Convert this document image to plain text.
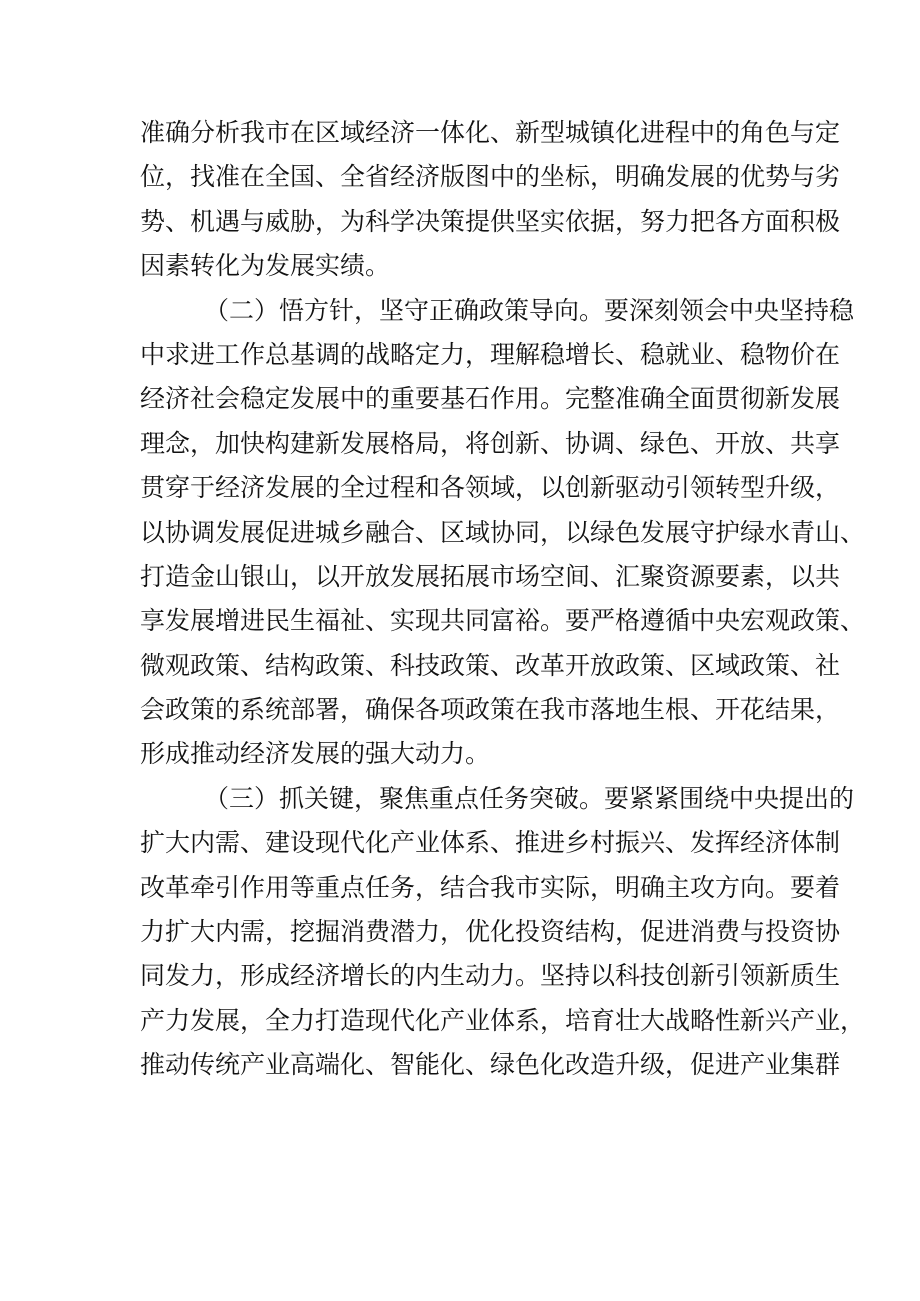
准确分析我市在区域经济一体化、新型城镇化进程中的角色与定
位，找准在全国、全省经济版图中的坐标，明确发展的优势与劣
势、机遇与威胁，为科学决策提供坚实依据，努力把各方面积极
因素转化为发展实绩。
（二）悟方针，坚守正确政策导向。要深刻领会中央坚持稳
中求进工作总基调的战略定力，理解稳增长、稳就业、稳物价在
经济社会稳定发展中的重要基石作用。完整准确全面贯彻新发展
理念，加快构建新发展格局，将创新、协调、绿色、开放、共享
贯穿于经济发展的全过程和各领域，以创新驱动引领转型升级，
以协调发展促进城乡融合、区域协同，以绿色发展守护绿水青山、
打造金山银山，以开放发展拓展市场空间、汇聚资源要素，以共
享发展增进民生福祉、实现共同富裕。要严格遵循中央宏观政策、
微观政策、结构政策、科技政策、改革开放政策、区域政策、社
会政策的系统部署，确保各项政策在我市落地生根、开花结果，
形成推动经济发展的强大动力。
（三）抓关键，聚焦重点任务突破。要紧紧围绕中央提出的
扩大内需、建设现代化产业体系、推进乡村振兴、发挥经济体制
改革牵引作用等重点任务，结合我市实际，明确主攻方向。要着
力扩大内需，挖掘消费潜力，优化投资结构，促进消费与投资协
同发力，形成经济增长的内生动力。坚持以科技创新引领新质生
产力发展，全力打造现代化产业体系，培育壮大战略性新兴产业，
推动传统产业高端化、智能化、绿色化改造升级，促进产业集群
